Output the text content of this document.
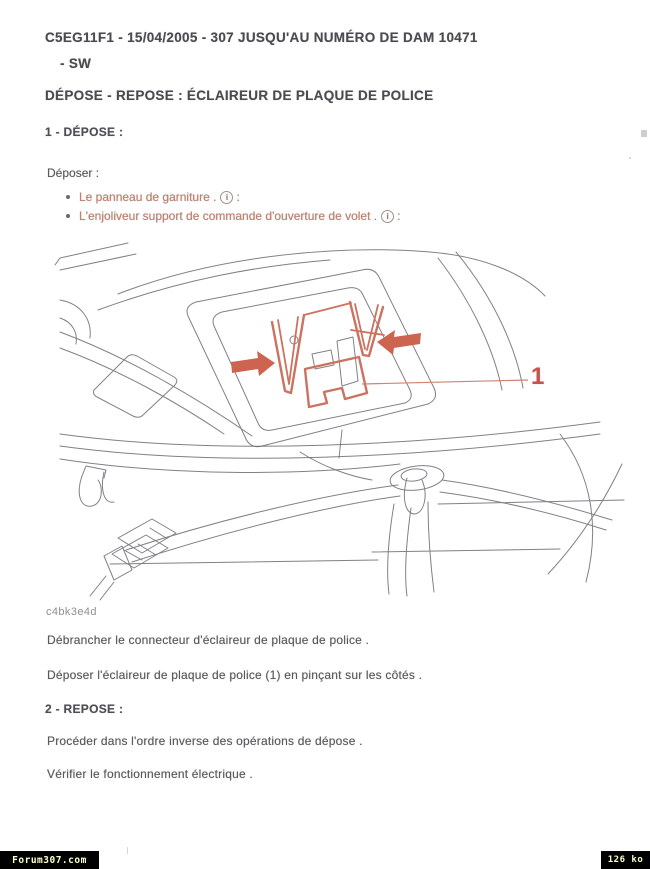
C5EG11F1 - 15/04/2005 - 307 JUSQU'AU NUMÉRO DE DAM 10471
- SW
DÉPOSE - REPOSE : ÉCLAIREUR DE PLAQUE DE POLICE
1 - DÉPOSE :
Déposer :
Le panneau de garniture . i :
L'enjoliveur support de commande d'ouverture de volet . i :
1
c4bk3e4d
Débrancher le connecteur d'éclaireur de plaque de police .
Déposer l'éclaireur de plaque de police (1) en pinçant sur les côtés .
2 - REPOSE :
Procéder dans l'ordre inverse des opérations de dépose .
Vérifier le fonctionnement électrique .
Forum307.com	126 ko
